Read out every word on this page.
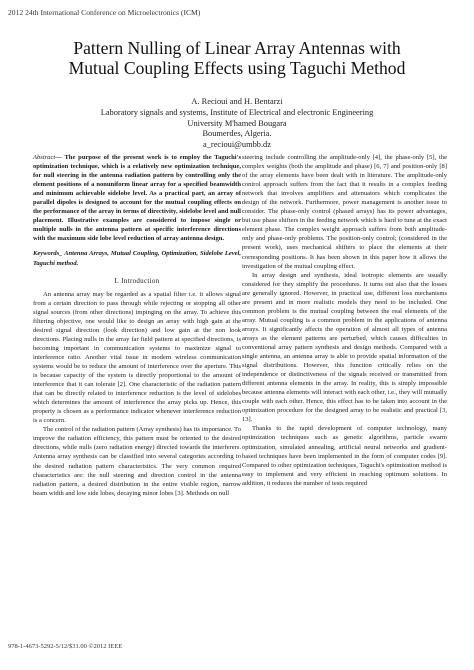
2012 24th International Conference on Microelectronics (ICM)
Pattern Nulling of Linear Array Antennas with
Mutual Coupling Effects using Taguchi Method
A. Recioui and H. Bentarzi
Laboratory signals and systems, Institute of Electrical and electronic Engineering
University M'hamed Bougara
Boumerdes, Algeria.
a_recioui@umbb.dz

Abstract— The purpose of the present work is to employ the Taguchi's optimization technique, which is a relatively new optimization technique, for null steering in the antenna radiation pattern by controlling only the element positions of a nonuniform linear array for a specified beamwidth and minimum achievable sidelobe level. As a practical part, an array of parallel dipoles is designed to account for the mutual coupling effects on the performance of the array in terms of directivity, sidelobe level and null placement. Illustrative examples are considered to impose single or multiple nulls in the antenna pattern at specific interference directions with the maximum side lobe level reduction of array antenna design.

Keywords_ Antenna Arrays, Mutual Coupling, Optimization, Sidelobe Level, Taguchi method.

I. Introduction

An antenna array may be regarded as a spatial filter i.e. it allows signal from a certain direction to pass through while rejecting or stopping all other signal sources (from other directions) impinging on the array. To achieve this filtering objective, one would like to design an array with high gain at the desired signal direction (look direction) and low gain at the non look directions. Placing nulls in the array far field pattern at specified directions, is becoming important in communication systems to maximize signal to interference ratio. Another vital issue in modern wireless communication systems would be to reduce the amount of interference over the aperture. This is because capacity of the system is directly proportional to the amount of interference that it can tolerate [2]. One characteristic of the radiation pattern that can be directly related to interference reduction is the level of sidelobes which determines the amount of interference the array picks up. Hence, this property is chosen as a performance indicator whenever interference reduction is a concern.

The control of the radiation pattern (Array synthesis) has its importance. To improve the radiation efficiency, this pattern must be oriented to the desired directions, while nulls (zero radiation energy) directed towards the interferers. Antenna array synthesis can be classified into several categories according to the desired radiation pattern characteristics. The very common required characteristics are: the null steering and direction control in the antenna radiation pattern, a desired distribution in the entire visible region, narrow beam width and low side lobes, decaying minor lobes [3]. Methods on null

steering include controlling the amplitude-only [4], the phase-only [5], the complex weights (both the amplitude and phase) [6, 7] and position-only [8] of the array elements have been dealt with in literature. The amplitude-only control approach suffers from the fact that it results in a complex feeding network that involves amplifiers and attenuators which complicates the design of the network. Furthermore, power management is another issue to consider. The phase-only control (phased arrays) has its power advantages, but use phase shifters in the feeding network which is hard to tune at the exact element phase. The complex weight approach suffers from both amplitude-only and phase-only problems. The position-only control; (considered in the present work), uses mechanical shifters to place the elements at their corresponding positions. It has been shown in this paper how it allows the investigation of the mutual coupling effect.

In array design and synthesis, ideal isotropic elements are usually considered for they simplify the procedures. It turns out also that the losses are generally ignored. However, in practical use, different loss mechanisms are present and in more realistic models they need to be included. One common problem is the mutual coupling between the real elements of the array. Mutual coupling is a common problem in the applications of antenna arrays. It significantly affects the operation of almost all types of antenna arrays as the element patterns are perturbed, which causes difficulties in conventional array pattern synthesis and design methods. Compared with a single antenna, an antenna array is able to provide spatial information of the signal distributions. However, this function critically relies on the independence or distinctiveness of the signals received or transmitted from different antenna elements in the array. In reality, this is simply impossible because antenna elements will interact with each other, i.e., they will mutually couple with each other. Hence, this effect has to be taken into account in the optimization procedure for the designed array to be realistic and practical [3, 13].

Thanks to the rapid development of computer technology, many optimization techniques such as genetic algorithms, particle swarm optimization, simulated annealing, artificial neural networks and gradient-based techniques have been implemented in the form of computer codes [9]. Compared to other optimization techniques, Taguchi's optimization method is easy to implement and very efficient in reaching optimum solutions. In addition, it reduces the number of tests required

978-1-4673-5292-5/12/$31.00 ©2012 IEEE
